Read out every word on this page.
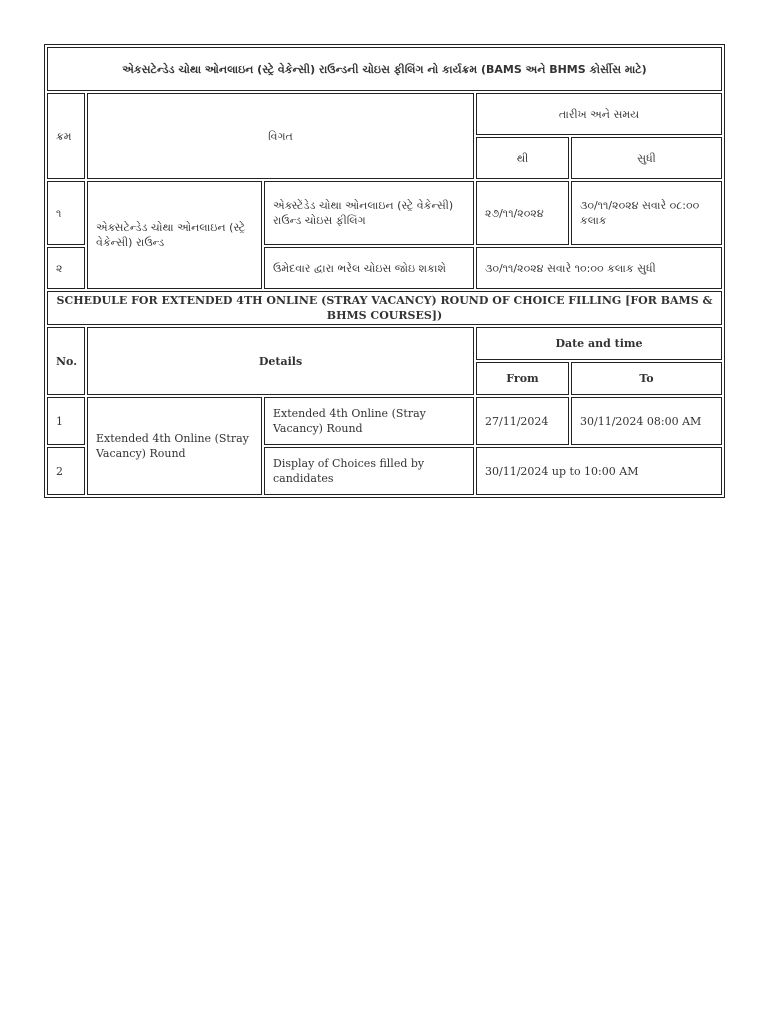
એકસટેન્ડેડ ચોથા ઓનલાઇન (સ્ટ્રે વેકેન્સી) રાઉન્ડની ચોઇસ ફીલિંગ નો કાર્યક્રમ (BAMS અને BHMS કોર્સીસ માટે)				
ક્રમ	વિગત		તારીખ અને સમય	
			થી	સુધી
૧	એક્સટેન્ડેડ ચોથા ઓનલાઇન (સ્ટ્રે વેકેન્સી) રાઉન્ડ	એક્સ્ટેંડેડ ચોથા ઓનલાઇન (સ્ટ્રે વેકેન્સી) રાઉન્ડ ચોઇસ ફીલિંગ	૨૭/૧૧/૨૦૨૪	૩૦/૧૧/૨૦૨૪ સવારે ૦૮:૦૦ કલાક
૨		ઉમેદવાર દ્વારા ભરેલ ચોઇસ જોઇ શકાશે	૩૦/૧૧/૨૦૨૪ સવારે ૧૦:૦૦ કલાક સુધી	
SCHEDULE FOR EXTENDED 4TH ONLINE (STRAY VACANCY) ROUND OF CHOICE FILLING [FOR BAMS & BHMS COURSES])				
No.	Details		Date and time	
			From	To
1	Extended 4th Online (Stray Vacancy) Round	Extended 4th Online (Stray Vacancy) Round	27/11/2024	30/11/2024 08:00 AM
2		Display of Choices filled by candidates	30/11/2024 up to 10:00 AM	
